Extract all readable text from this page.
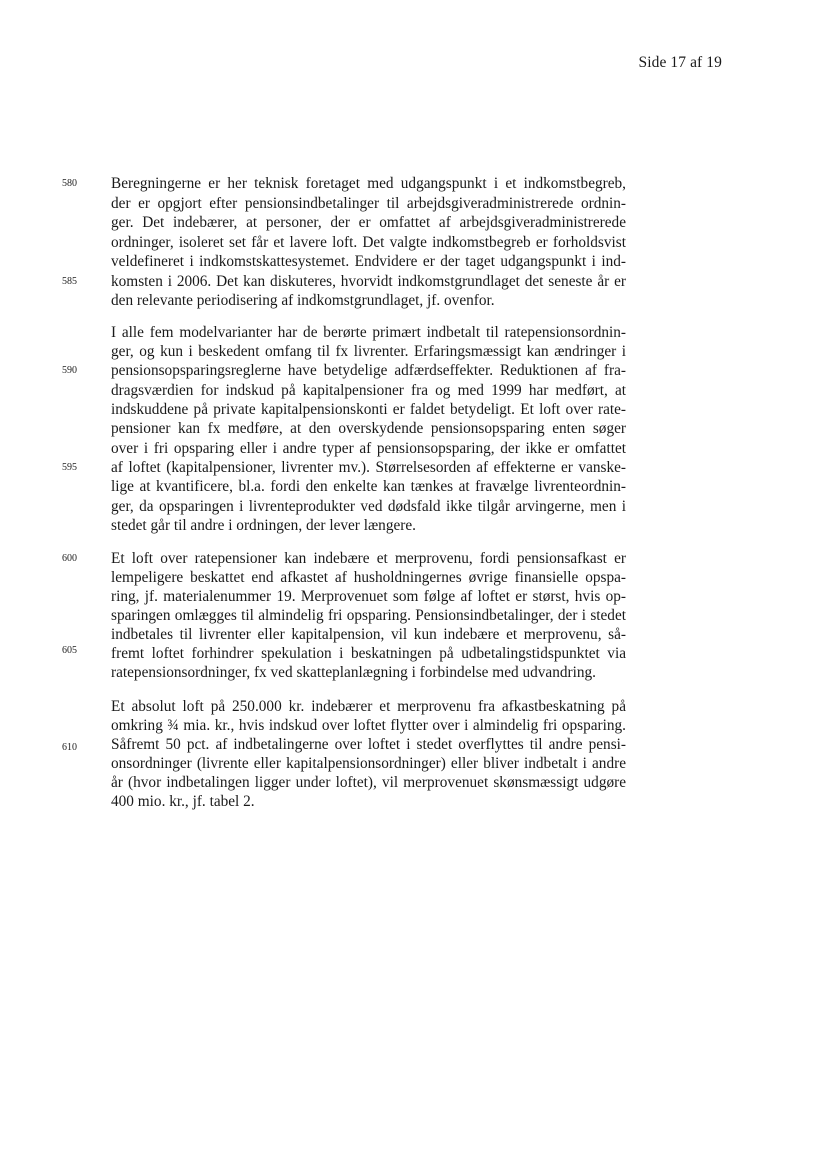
Side 17 af 19
580
585
590
595
600
605
610
Beregningerne er her teknisk foretaget med udgangspunkt i et indkomstbegreb,
der er opgjort efter pensionsindbetalinger til arbejdsgiveradministrerede ordnin-
ger. Det indebærer, at personer, der er omfattet af arbejdsgiveradministrerede
ordninger, isoleret set får et lavere loft. Det valgte indkomstbegreb er forholdsvist
veldefineret i indkomstskattesystemet. Endvidere er der taget udgangspunkt i ind-
komsten i 2006. Det kan diskuteres, hvorvidt indkomstgrundlaget det seneste år er
den relevante periodisering af indkomstgrundlaget, jf. ovenfor.
I alle fem modelvarianter har de berørte primært indbetalt til ratepensionsordnin-
ger, og kun i beskedent omfang til fx livrenter. Erfaringsmæssigt kan ændringer i
pensionsopsparingsreglerne have betydelige adfærdseffekter. Reduktionen af fra-
dragsværdien for indskud på kapitalpensioner fra og med 1999 har medført, at
indskuddene på private kapitalpensionskonti er faldet betydeligt. Et loft over rate-
pensioner kan fx medføre, at den overskydende pensionsopsparing enten søger
over i fri opsparing eller i andre typer af pensionsopsparing, der ikke er omfattet
af loftet (kapitalpensioner, livrenter mv.). Størrelsesorden af effekterne er vanske-
lige at kvantificere, bl.a. fordi den enkelte kan tænkes at fravælge livrenteordnin-
ger, da opsparingen i livrenteprodukter ved dødsfald ikke tilgår arvingerne, men i
stedet går til andre i ordningen, der lever længere.
Et loft over ratepensioner kan indebære et merprovenu, fordi pensionsafkast er
lempeligere beskattet end afkastet af husholdningernes øvrige finansielle opspa-
ring, jf. materialenummer 19. Merprovenuet som følge af loftet er størst, hvis op-
sparingen omlægges til almindelig fri opsparing. Pensionsindbetalinger, der i stedet
indbetales til livrenter eller kapitalpension, vil kun indebære et merprovenu, så-
fremt loftet forhindrer spekulation i beskatningen på udbetalingstidspunktet via
ratepensionsordninger, fx ved skatteplanlægning i forbindelse med udvandring.
Et absolut loft på 250.000 kr. indebærer et merprovenu fra afkastbeskatning på
omkring ¾ mia. kr., hvis indskud over loftet flytter over i almindelig fri opsparing.
Såfremt 50 pct. af indbetalingerne over loftet i stedet overflyttes til andre pensi-
onsordninger (livrente eller kapitalpensionsordninger) eller bliver indbetalt i andre
år (hvor indbetalingen ligger under loftet), vil merprovenuet skønsmæssigt udgøre
400 mio. kr., jf. tabel 2.
